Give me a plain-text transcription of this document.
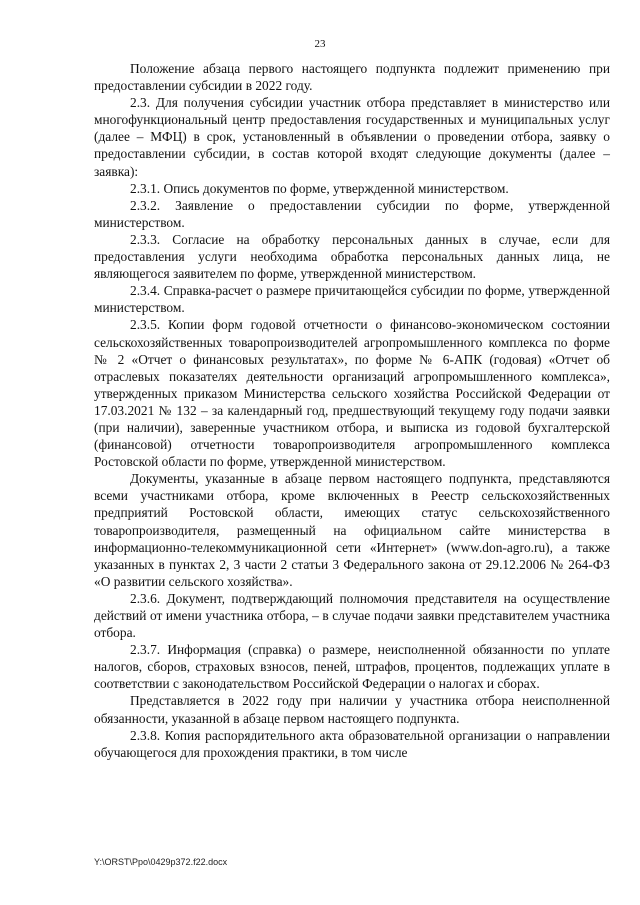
23

Положение абзаца первого настоящего подпункта подлежит применению при предоставлении субсидии в 2022 году.

2.3. Для получения субсидии участник отбора представляет в министерство или многофункциональный центр предоставления государственных и муниципальных услуг (далее – МФЦ) в срок, установленный в объявлении о проведении отбора, заявку о предоставлении субсидии, в состав которой входят следующие документы (далее – заявка):

2.3.1. Опись документов по форме, утвержденной министерством.

2.3.2. Заявление о предоставлении субсидии по форме, утвержденной министерством.

2.3.3. Согласие на обработку персональных данных в случае, если для предоставления услуги необходима обработка персональных данных лица, не являющегося заявителем по форме, утвержденной министерством.

2.3.4. Справка-расчет о размере причитающейся субсидии по форме, утвержденной министерством.

2.3.5. Копии форм годовой отчетности о финансово-экономическом состоянии сельскохозяйственных товаропроизводителей агропромышленного комплекса по форме № 2 «Отчет о финансовых результатах», по форме № 6-АПК (годовая) «Отчет об отраслевых показателях деятельности организаций агропромышленного комплекса», утвержденных приказом Министерства сельского хозяйства Российской Федерации от 17.03.2021 № 132 – за календарный год, предшествующий текущему году подачи заявки (при наличии), заверенные участником отбора, и выписка из годовой бухгалтерской (финансовой) отчетности товаропроизводителя агропромышленного комплекса Ростовской области по форме, утвержденной министерством.

Документы, указанные в абзаце первом настоящего подпункта, представляются всеми участниками отбора, кроме включенных в Реестр сельскохозяйственных предприятий Ростовской области, имеющих статус сельскохозяйственного товаропроизводителя, размещенный на официальном сайте министерства в информационно-телекоммуникационной сети «Интернет» (www.don-agro.ru), а также указанных в пунктах 2, 3 части 2 статьи 3 Федерального закона от 29.12.2006 № 264-ФЗ «О развитии сельского хозяйства».

2.3.6. Документ, подтверждающий полномочия представителя на осуществление действий от имени участника отбора, – в случае подачи заявки представителем участника отбора.

2.3.7. Информация (справка) о размере, неисполненной обязанности по уплате налогов, сборов, страховых взносов, пеней, штрафов, процентов, подлежащих уплате в соответствии с законодательством Российской Федерации о налогах и сборах.

Представляется в 2022 году при наличии у участника отбора неисполненной обязанности, указанной в абзаце первом настоящего подпункта.

2.3.8. Копия распорядительного акта образовательной организации о направлении обучающегося для прохождения практики, в том числе

Y:\ORST\Ppo\0429p372.f22.docx
